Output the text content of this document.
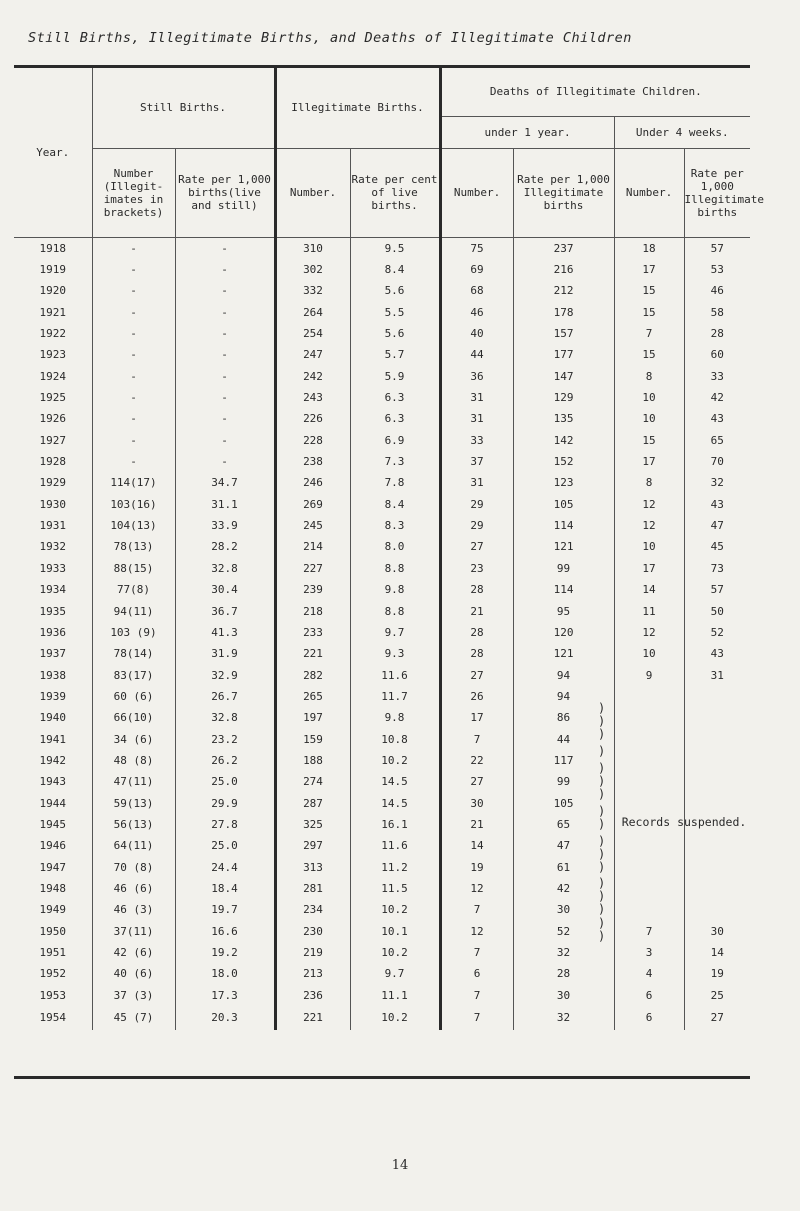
Still Births, Illegitimate Births, and Deaths of Illegitimate Children
Year.	Still Births.		Illegitimate Births.		Deaths of Illegitimate Children.			
					under 1 year.		Under 4 weeks.	
	Number (Illegit- imates in brackets)	Rate per 1,000 births(live and still)	Number.	Rate per cent of live births.	Number.	Rate per 1,000 Illegitimate births	Number.	Rate per 1,000 Illegitimate births
1918	-	-	310	9.5	75	237	18	57
1919	-	-	302	8.4	69	216	17	53
1920	-	-	332	5.6	68	212	15	46
1921	-	-	264	5.5	46	178	15	58
1922	-	-	254	5.6	40	157	7	28
1923	-	-	247	5.7	44	177	15	60
1924	-	-	242	5.9	36	147	8	33
1925	-	-	243	6.3	31	129	10	42
1926	-	-	226	6.3	31	135	10	43
1927	-	-	228	6.9	33	142	15	65
1928	-	-	238	7.3	37	152	17	70
1929	114(17)	34.7	246	7.8	31	123	8	32
1930	103(16)	31.1	269	8.4	29	105	12	43
1931	104(13)	33.9	245	8.3	29	114	12	47
1932	78(13)	28.2	214	8.0	27	121	10	45
1933	88(15)	32.8	227	8.8	23	99	17	73
1934	77(8)	30.4	239	9.8	28	114	14	57
1935	94(11)	36.7	218	8.8	21	95	11	50
1936	103 (9)	41.3	233	9.7	28	120	12	52
1937	78(14)	31.9	221	9.3	28	121	10	43
1938	83(17)	32.9	282	11.6	27	94	9	31
1939	60 (6)	26.7	265	11.7	26	94		
1940	66(10)	32.8	197	9.8	17	86		
1941	34 (6)	23.2	159	10.8	7	44		
1942	48 (8)	26.2	188	10.2	22	117		
1943	47(11)	25.0	274	14.5	27	99		
1944	59(13)	29.9	287	14.5	30	105		
1945	56(13)	27.8	325	16.1	21	65		
1946	64(11)	25.0	297	11.6	14	47		
1947	70 (8)	24.4	313	11.2	19	61		
1948	46 (6)	18.4	281	11.5	12	42		
1949	46 (3)	19.7	234	10.2	7	30		
1950	37(11)	16.6	230	10.1	12	52	7	30
1951	42 (6)	19.2	219	10.2	7	32	3	14
1952	40 (6)	18.0	213	9.7	6	28	4	19
1953	37 (3)	17.3	236	11.1	7	30	6	25
1954	45 (7)	20.3	221	10.2	7	32	6	27
)
)
)
)
)
)
)
)
)
)
)
)
)
)
)
)
)
Records suspended.
14
